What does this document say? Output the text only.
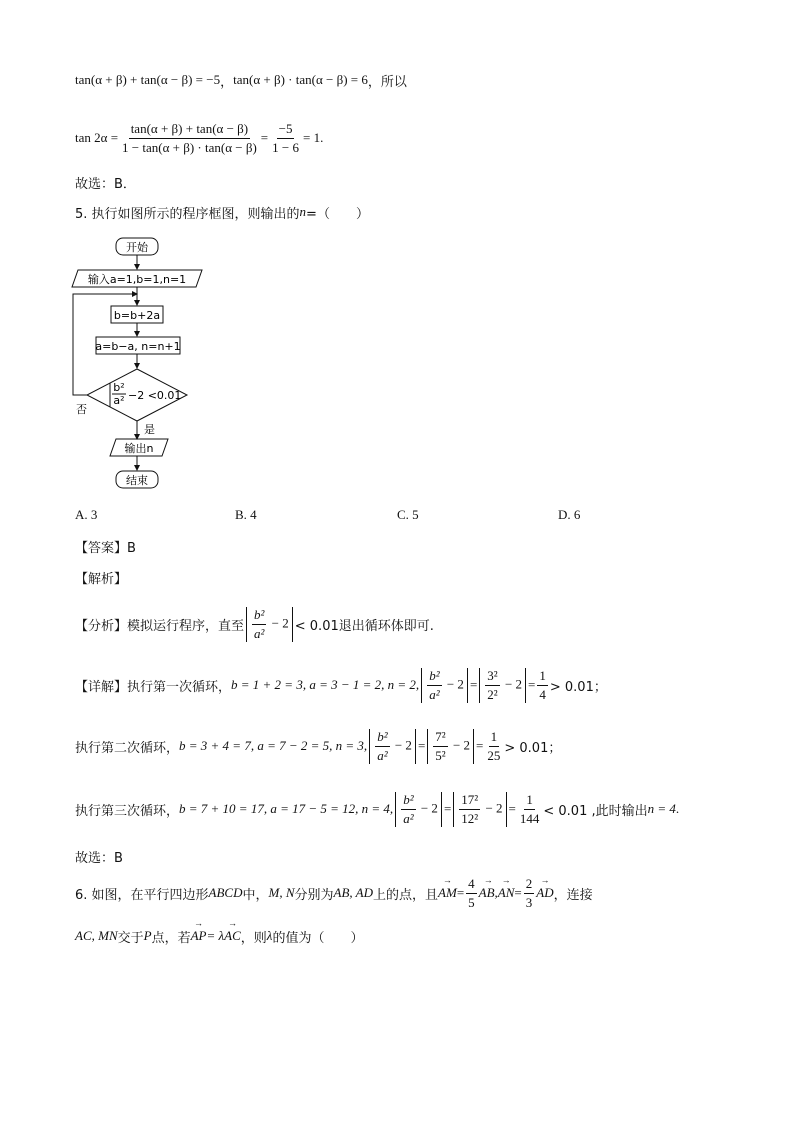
tan(α + β) + tan(α − β) = −5 ， tan(α + β) · tan(α − β) = 6 ，所以
$\tan 2\alpha = \frac{\tan(\alpha + \beta) + \tan(\alpha - \beta)}{1 - \tan(\alpha + \beta) \cdot \tan(\alpha - \beta)} = \frac{-5}{1 - 6} = 1$ .
故选：B．
5. 执行如图所示的程序框图，则输出的 n =（　　）
开始
输入a=1,b=1,n=1
b=b+2a
a=b−a, n=n+1
b²
a² −2 <0.01
否
是
输出n
结束
A. 3	B. 4	C. 5	D. 6
【答案】B
【解析】
【分析】模拟运行程序，直至 $\frac{\text{b²}}{\text{a²}} - 2 < 0.01$退出循环体即可.
【详解】执行第一次循环， b = 1 + 2 = 3, a = 3 − 1 = 2, n = 2, $\frac{\text{b²}}{\text{a²}} - 2 = \frac{\text{3²}}{\text{2²}} - 2 = \frac{1}{4} > 0.01$；
执行第二次循环， b = 3 + 4 = 7, a = 7 − 2 = 5, n = 3, $\frac{\text{b²}}{\text{a²}} - 2 = \frac{\text{7²}}{\text{5²}} - 2 = \frac{1}{25} > 0.01$；
执行第三次循环， b = 7 + 10 = 17, a = 17 − 5 = 12, n = 4, $\frac{\text{b²}}{\text{a²}} - 2 = \frac{\text{17²}}{\text{12²}} - 2 = \frac{1}{144} < 0.01$ ,此时输出 n = 4 .
故选：B
6. 如图，在平行四边形 ABCD 中， M, N 分别为 AB, AD 上的点，且 → AM = $\frac{4}{5}$ → AB, → AN = $\frac{2}{3}$ → AD ，连接
AC, MN 交于 P 点，若 → AP = λ → AC ，则 λ 的值为（　　）
